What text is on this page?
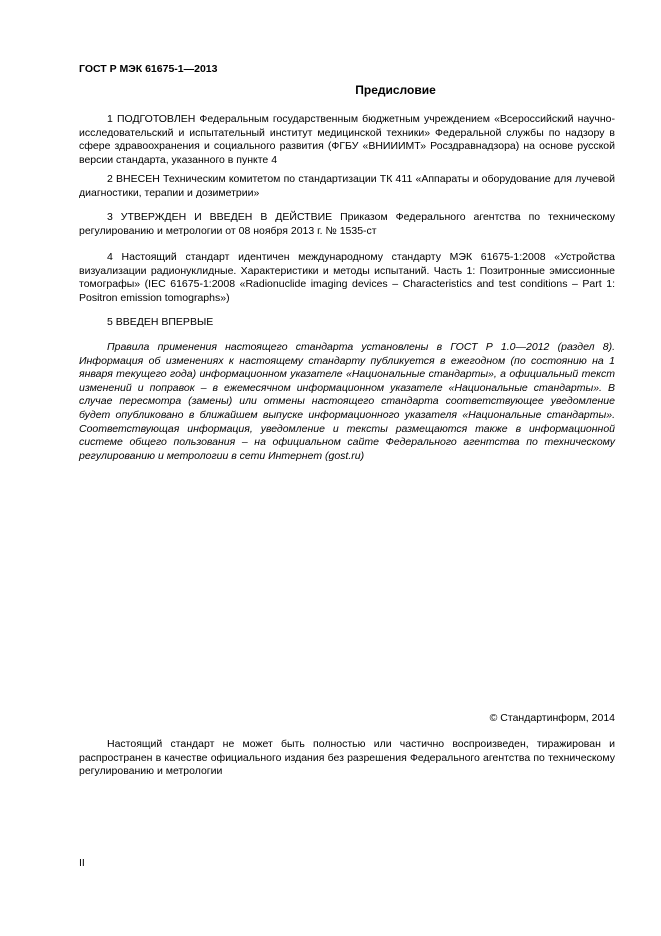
ГОСТ Р МЭК 61675-1—2013
Предисловие

1 ПОДГОТОВЛЕН Федеральным государственным бюджетным учреждением «Всероссийский научно-исследовательский и испытательный институт медицинской техники» Федеральной службы по надзору в сфере здравоохранения и социального развития (ФГБУ «ВНИИИМТ» Росздравнадзора) на основе русской версии стандарта, указанного в пункте 4

2 ВНЕСЕН Техническим комитетом по стандартизации ТК 411 «Аппараты и оборудование для лучевой диагностики, терапии и дозиметрии»

3 УТВЕРЖДЕН И ВВЕДЕН В ДЕЙСТВИЕ Приказом Федерального агентства по техническому регулированию и метрологии от 08 ноября 2013 г. № 1535-ст

4 Настоящий стандарт идентичен международному стандарту МЭК 61675-1:2008 «Устройства визуализации радионуклидные. Характеристики и методы испытаний. Часть 1: Позитронные эмиссионные томографы» (IEC 61675-1:2008 «Radionuclide imaging devices – Characteristics and test conditions – Part 1: Positron emission tomographs»)

5 ВВЕДЕН ВПЕРВЫЕ

Правила применения настоящего стандарта установлены в ГОСТ Р 1.0—2012 (раздел 8). Информация об изменениях к настоящему стандарту публикуется в ежегодном (по состоянию на 1 января текущего года) информационном указателе «Национальные стандарты», а официальный текст изменений и поправок – в ежемесячном информационном указателе «Национальные стандарты». В случае пересмотра (замены) или отмены настоящего стандарта соответствующее уведомление будет опубликовано в ближайшем выпуске информационного указателя «Национальные стандарты». Соответствующая информация, уведомление и тексты размещаются также в информационной системе общего пользования – на официальном сайте Федерального агентства по техническому регулированию и метрологии в сети Интернет (gost.ru)

© Стандартинформ, 2014

Настоящий стандарт не может быть полностью или частично воспроизведен, тиражирован и распространен в качестве официального издания без разрешения Федерального агентства по техническому регулированию и метрологии

II
